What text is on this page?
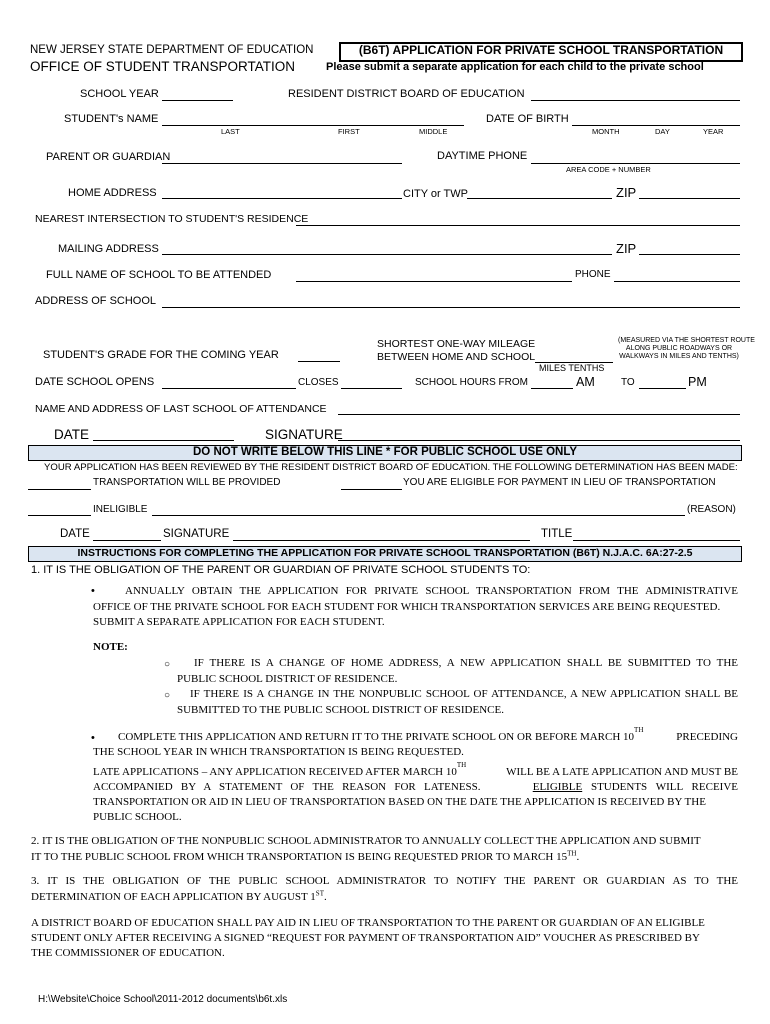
NEW JERSEY STATE DEPARTMENT OF EDUCATION
OFFICE OF STUDENT TRANSPORTATION
(B6T) APPLICATION FOR PRIVATE SCHOOL TRANSPORTATION
Please submit a separate application for each child to the private school
SCHOOL YEAR	RESIDENT DISTRICT BOARD OF EDUCATION
STUDENT's NAME
LAST	FIRST	MIDDLE
DATE OF BIRTH
MONTH	DAY	YEAR
PARENT OR GUARDIAN	DAYTIME PHONE
AREA CODE + NUMBER
HOME ADDRESS	CITY or TWP	ZIP
NEAREST INTERSECTION TO STUDENT'S RESIDENCE
MAILING ADDRESS	ZIP
FULL NAME OF SCHOOL TO BE ATTENDED	PHONE
ADDRESS OF SCHOOL
SHORTEST ONE-WAY MILEAGE
BETWEEN HOME AND SCHOOL
(MEASURED VIA THE SHORTEST ROUTE
ALONG PUBLIC ROADWAYS OR
WALKWAYS IN MILES AND TENTHS)
STUDENT'S GRADE FOR THE COMING YEAR
MILES TENTHS
DATE SCHOOL OPENS	CLOSES	SCHOOL HOURS FROM	AM	TO	PM
NAME AND ADDRESS OF LAST SCHOOL OF ATTENDANCE
DATE	SIGNATURE
DO NOT WRITE BELOW THIS LINE * FOR PUBLIC SCHOOL USE ONLY
YOUR APPLICATION HAS BEEN REVIEWED BY THE RESIDENT DISTRICT BOARD OF EDUCATION. THE FOLLOWING DETERMINATION HAS BEEN MADE:
TRANSPORTATION WILL BE PROVIDED	YOU ARE ELIGIBLE FOR PAYMENT IN LIEU OF TRANSPORTATION
INELIGIBLE	(REASON)
DATE	SIGNATURE	TITLE
INSTRUCTIONS FOR COMPLETING THE APPLICATION FOR PRIVATE SCHOOL TRANSPORTATION (B6T) N.J.A.C. 6A:27-2.5
1. IT IS THE OBLIGATION OF THE PARENT OR GUARDIAN OF PRIVATE SCHOOL STUDENTS TO:
•	ANNUALLY OBTAIN THE APPLICATION FOR PRIVATE SCHOOL TRANSPORTATION FROM THE ADMINISTRATIVE
OFFICE OF THE PRIVATE SCHOOL FOR EACH STUDENT FOR WHICH TRANSPORTATION SERVICES ARE BEING REQUESTED.
SUBMIT A SEPARATE APPLICATION FOR EACH STUDENT.
NOTE:
○ IF THERE IS A CHANGE OF HOME ADDRESS, A NEW APPLICATION SHALL BE SUBMITTED TO THE
PUBLIC SCHOOL DISTRICT OF RESIDENCE.
○ IF THERE IS A CHANGE IN THE NONPUBLIC SCHOOL OF ATTENDANCE, A NEW APPLICATION SHALL BE
SUBMITTED TO THE PUBLIC SCHOOL DISTRICT OF RESIDENCE.
• COMPLETE THIS APPLICATION AND RETURN IT TO THE PRIVATE SCHOOL ON OR BEFORE MARCH 10
TH
PRECEDING
THE SCHOOL YEAR IN WHICH TRANSPORTATION IS BEING REQUESTED.
LATE APPLICATIONS – ANY APPLICATION RECEIVED AFTER MARCH 10
TH
WILL BE A LATE APPLICATION AND MUST BE
ACCOMPANIED BY A STATEMENT OF THE REASON FOR LATENESS.	ELIGIBLE STUDENTS WILL RECEIVE
TRANSPORTATION OR AID IN LIEU OF TRANSPORTATION BASED ON THE DATE THE APPLICATION IS RECEIVED BY THE
PUBLIC SCHOOL.
2. IT IS THE OBLIGATION OF THE NONPUBLIC SCHOOL ADMINISTRATOR TO ANNUALLY COLLECT THE APPLICATION AND SUBMIT
IT TO THE PUBLIC SCHOOL FROM WHICH TRANSPORTATION IS BEING REQUESTED PRIOR TO MARCH 15TH.
3. IT IS THE OBLIGATION OF THE PUBLIC SCHOOL ADMINISTRATOR TO NOTIFY THE PARENT OR GUARDIAN AS TO THE
DETERMINATION OF EACH APPLICATION BY AUGUST 1ST.
A DISTRICT BOARD OF EDUCATION SHALL PAY AID IN LIEU OF TRANSPORTATION TO THE PARENT OR GUARDIAN OF AN ELIGIBLE
STUDENT ONLY AFTER RECEIVING A SIGNED “REQUEST FOR PAYMENT OF TRANSPORTATION AID” VOUCHER AS PRESCRIBED BY
THE COMMISSIONER OF EDUCATION.
H:\Website\Choice School\2011-2012 documents\b6t.xls
